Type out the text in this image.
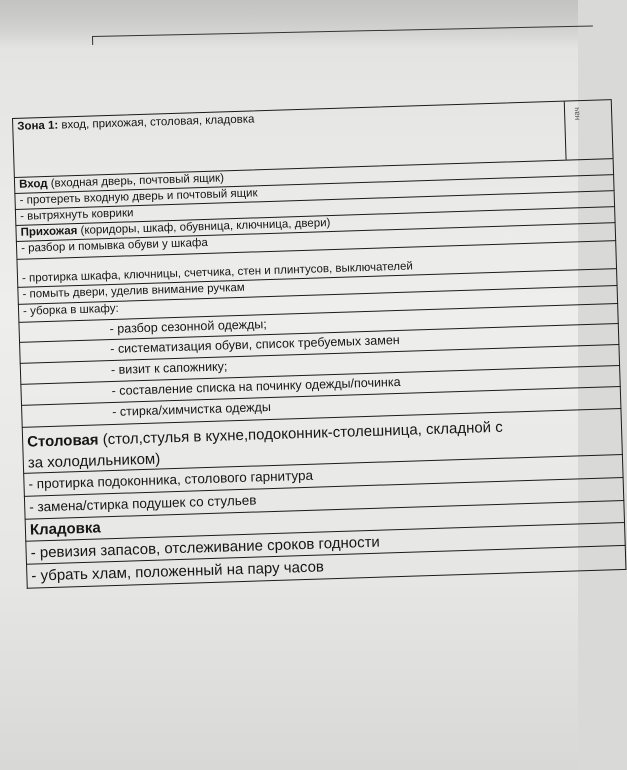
Зона 1: вход, прихожая, столовая, кладовка	нач
Вход (входная дверь, почтовый ящик)
- протереть входную дверь и почтовый ящик
- вытряхнуть коврики
Прихожая (коридоры, шкаф, обувница, ключница, двери)
- разбор и помывка обуви у шкафа
- протирка шкафа, ключницы, счетчика, стен и плинтусов, выключателей
- помыть двери, уделив внимание ручкам
- уборка в шкафу:
- разбор сезонной одежды;
- систематизация обуви, список требуемых замен
- визит к сапожнику;
- составление списка на починку одежды/починка
- стирка/химчистка одежды
Столовая (стол,стулья в кухне,подоконник-столешница, складной с
за холодильником)
- протирка подоконника, столового гарнитура
- замена/стирка подушек со стульев
Кладовка
- ревизия запасов, отслеживание сроков годности
- убрать хлам, положенный на пару часов
